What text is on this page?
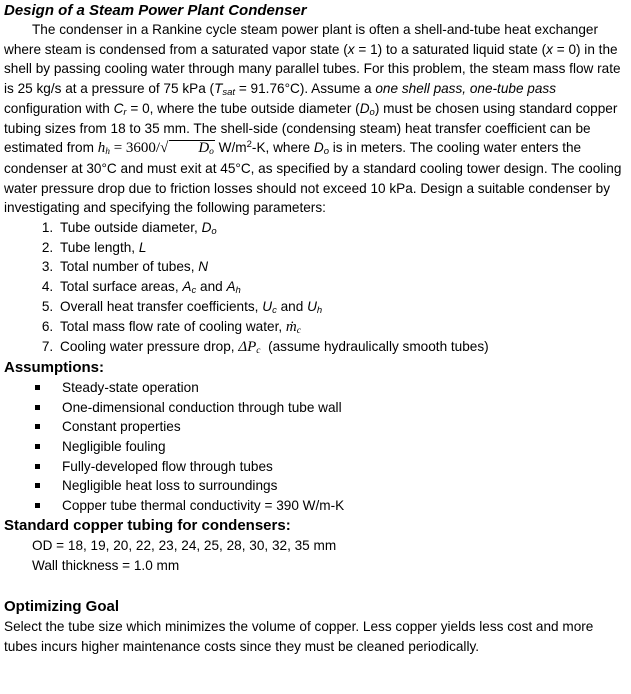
Design of a Steam Power Plant Condenser

The condenser in a Rankine cycle steam power plant is often a shell-and-tube heat exchanger where steam is condensed from a saturated vapor state (x = 1) to a saturated liquid state (x = 0) in the shell by passing cooling water through many parallel tubes. For this problem, the steam mass flow rate is 25 kg/s at a pressure of 75 kPa $(T_{sat} = 91.76^\circ C)$. Assume a one shell pass, one-tube pass configuration with $C_r = 0$, where the tube outside diameter $(D_o)$ must be chosen using standard copper tubing sizes from 18 to 35 mm. The shell-side (condensing steam) heat transfer coefficient can be estimated from $h_h = 3600/√$ $D_o$ $W/m^2-K$, where $D_o$ is in meters. The cooling water enters the condenser at 30°C and must exit at 45°C, as specified by a standard cooling tower design. The cooling water pressure drop due to friction losses should not exceed 10 kPa. Design a suitable condenser by investigating and specifying the following parameters:

1. Tube outside diameter, $D_o$
2. Tube length, L
3. Total number of tubes, N
4. Total surface areas, $A_c$ and $A_h$
5. Overall heat transfer coefficients, $U_c$ and $U_h$
6. Total mass flow rate of cooling water, ṁ$_c$
7. Cooling water pressure drop, $\Delta P_c$  (assume hydraulically smooth tubes)
Assumptions:
Steady-state operation
One-dimensional conduction through tube wall
Constant properties
Negligible fouling
Fully-developed flow through tubes
Negligible heat loss to surroundings
Copper tube thermal conductivity = 390 W/m-K
Standard copper tubing for condensers:
OD = 18, 19, 20, 22, 23, 24, 25, 28, 30, 32, 35 mm
Wall thickness = 1.0 mm
Optimizing Goal

Select the tube size which minimizes the volume of copper. Less copper yields less cost and more tubes incurs higher maintenance costs since they must be cleaned periodically.
